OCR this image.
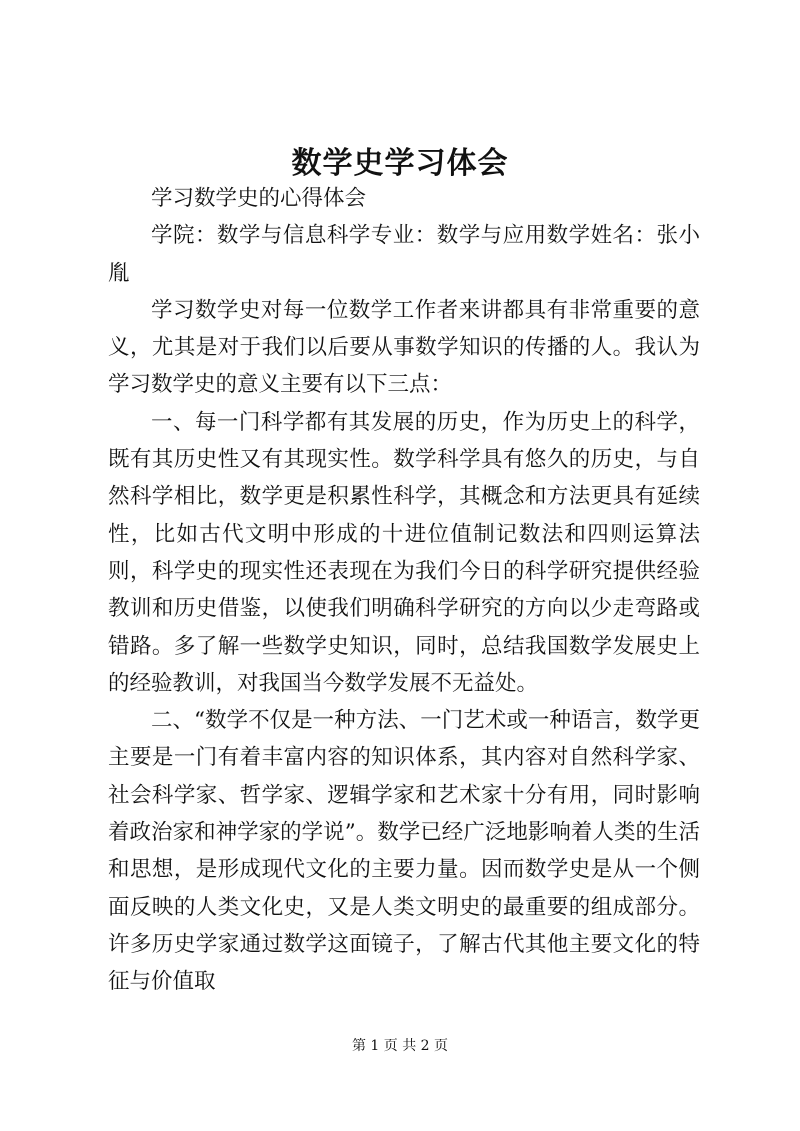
数学史学习体会

学习数学史的心得体会

学院：数学与信息科学专业：数学与应用数学姓名：张小胤

学习数学史对每一位数学工作者来讲都具有非常重要的意义，尤其是对于我们以后要从事数学知识的传播的人。我认为学习数学史的意义主要有以下三点：

一、每一门科学都有其发展的历史，作为历史上的科学，既有其历史性又有其现实性。数学科学具有悠久的历史，与自然科学相比，数学更是积累性科学，其概念和方法更具有延续性，比如古代文明中形成的十进位值制记数法和四则运算法则，科学史的现实性还表现在为我们今日的科学研究提供经验教训和历史借鉴，以使我们明确科学研究的方向以少走弯路或错路。多了解一些数学史知识，同时，总结我国数学发展史上的经验教训，对我国当今数学发展不无益处。

二、“数学不仅是一种方法、一门艺术或一种语言，数学更主要是一门有着丰富内容的知识体系，其内容对自然科学家、社会科学家、哲学家、逻辑学家和艺术家十分有用，同时影响着政治家和神学家的学说”。数学已经广泛地影响着人类的生活和思想，是形成现代文化的主要力量。因而数学史是从一个侧面反映的人类文化史，又是人类文明史的最重要的组成部分。许多历史学家通过数学这面镜子，了解古代其他主要文化的特征与价值取

第 1 页 共 2 页
